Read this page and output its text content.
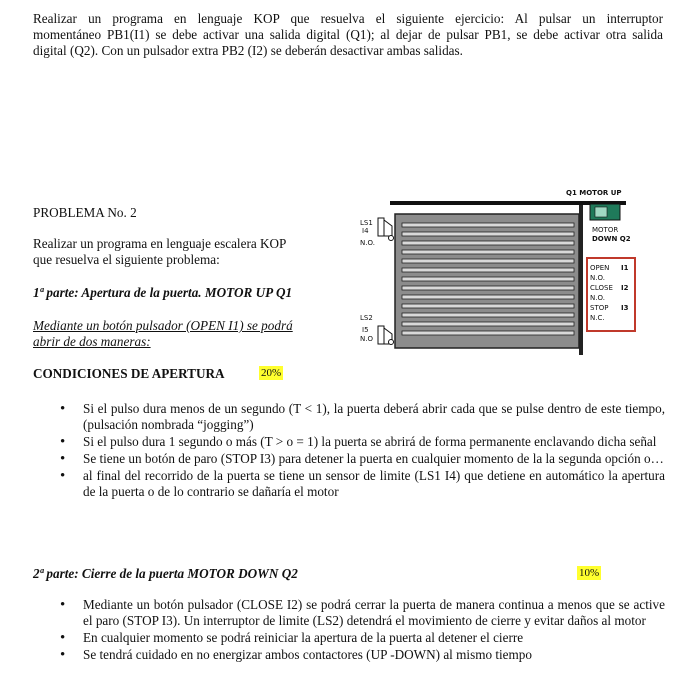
Realizar un programa en lenguaje KOP que resuelva el siguiente ejercicio: Al pulsar un interruptor

momentáneo PB1(I1) se debe activar una salida digital (Q1); al dejar de pulsar PB1, se debe activar otra salida

digital (Q2). Con un pulsador extra PB2 (I2) se deberán desactivar ambas salidas.

PROBLEMA No. 2

Realizar un programa en lenguaje escalera KOP

que resuelva el siguiente problema:

1ª parte: Apertura de la puerta. MOTOR UP Q1

Mediante un botón pulsador (OPEN I1) se podrá

abrir de dos maneras:

CONDICIONES DE APERTURA	20%
• Si el pulso dura menos de un segundo (T < 1), la puerta deberá abrir cada que se pulse dentro de este tiempo, (pulsación nombrada “jogging”)
• Si el pulso dura 1 segundo o más (T > o = 1) la puerta se abrirá de forma permanente enclavando dicha señal
• Se tiene un botón de paro (STOP I3) para detener la puerta en cualquier momento de la la segunda opción o…
• al final del recorrido de la puerta se tiene un sensor de limite (LS1 I4) que detiene en automático la apertura de la puerta o de lo contrario se dañaría el motor

2ª parte: Cierre de la puerta MOTOR DOWN Q2	10%
• Mediante un botón pulsador (CLOSE I2) se podrá cerrar la puerta de manera continua a menos que se active el paro (STOP I3). Un interruptor de limite (LS2) detendrá el movimiento de cierre y evitar daños al motor
• En cualquier momento se podrá reiniciar la apertura de la puerta al detener el cierre
• Se tendrá cuidado en no energizar ambos contactores (UP -DOWN) al mismo tiempo

Q1 MOTOR UP

LS1

I4

N.O.

LS2

I5

N.O

MOTOR

DOWN Q2

OPEN I1

N.O.

CLOSE I2

N.O.

STOP I3

N.C.
